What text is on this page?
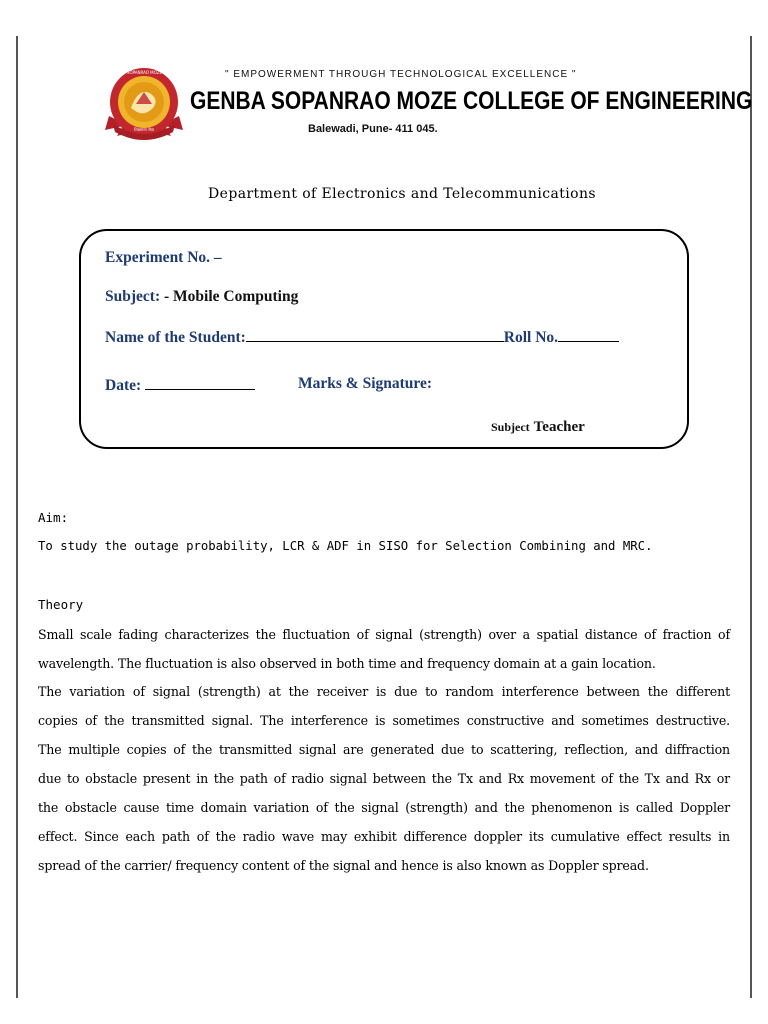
GENBA SOPANRAO MOZE TRUST
शिक्षणाय सेवा
" EMPOWERMENT THROUGH TECHNOLOGICAL EXCELLENCE "
GENBA SOPANRAO MOZE COLLEGE OF ENGINEERING
Balewadi, Pune- 411 045.
Department of Electronics and Telecommunications
Experiment No. –
Subject: - Mobile Computing
Name of the Student:	Roll No.
Date:	Marks & Signature:
Subject Teacher
Aim:
To study the outage probability, LCR & ADF in SISO for Selection Combining and MRC.
Theory
Small scale fading characterizes the fluctuation of signal (strength) over a spatial distance of fraction of
wavelength. The fluctuation is also observed in both time and frequency domain at a gain location.
The variation of signal (strength) at the receiver is due to random interference between the different
copies of the transmitted signal. The interference is sometimes constructive and sometimes destructive.
The multiple copies of the transmitted signal are generated due to scattering, reflection, and diffraction
due to obstacle present in the path of radio signal between the Tx and Rx movement of the Tx and Rx or
the obstacle cause time domain variation of the signal (strength) and the phenomenon is called Doppler
effect. Since each path of the radio wave may exhibit difference doppler its cumulative effect results in
spread of the carrier/ frequency content of the signal and hence is also known as Doppler spread.
